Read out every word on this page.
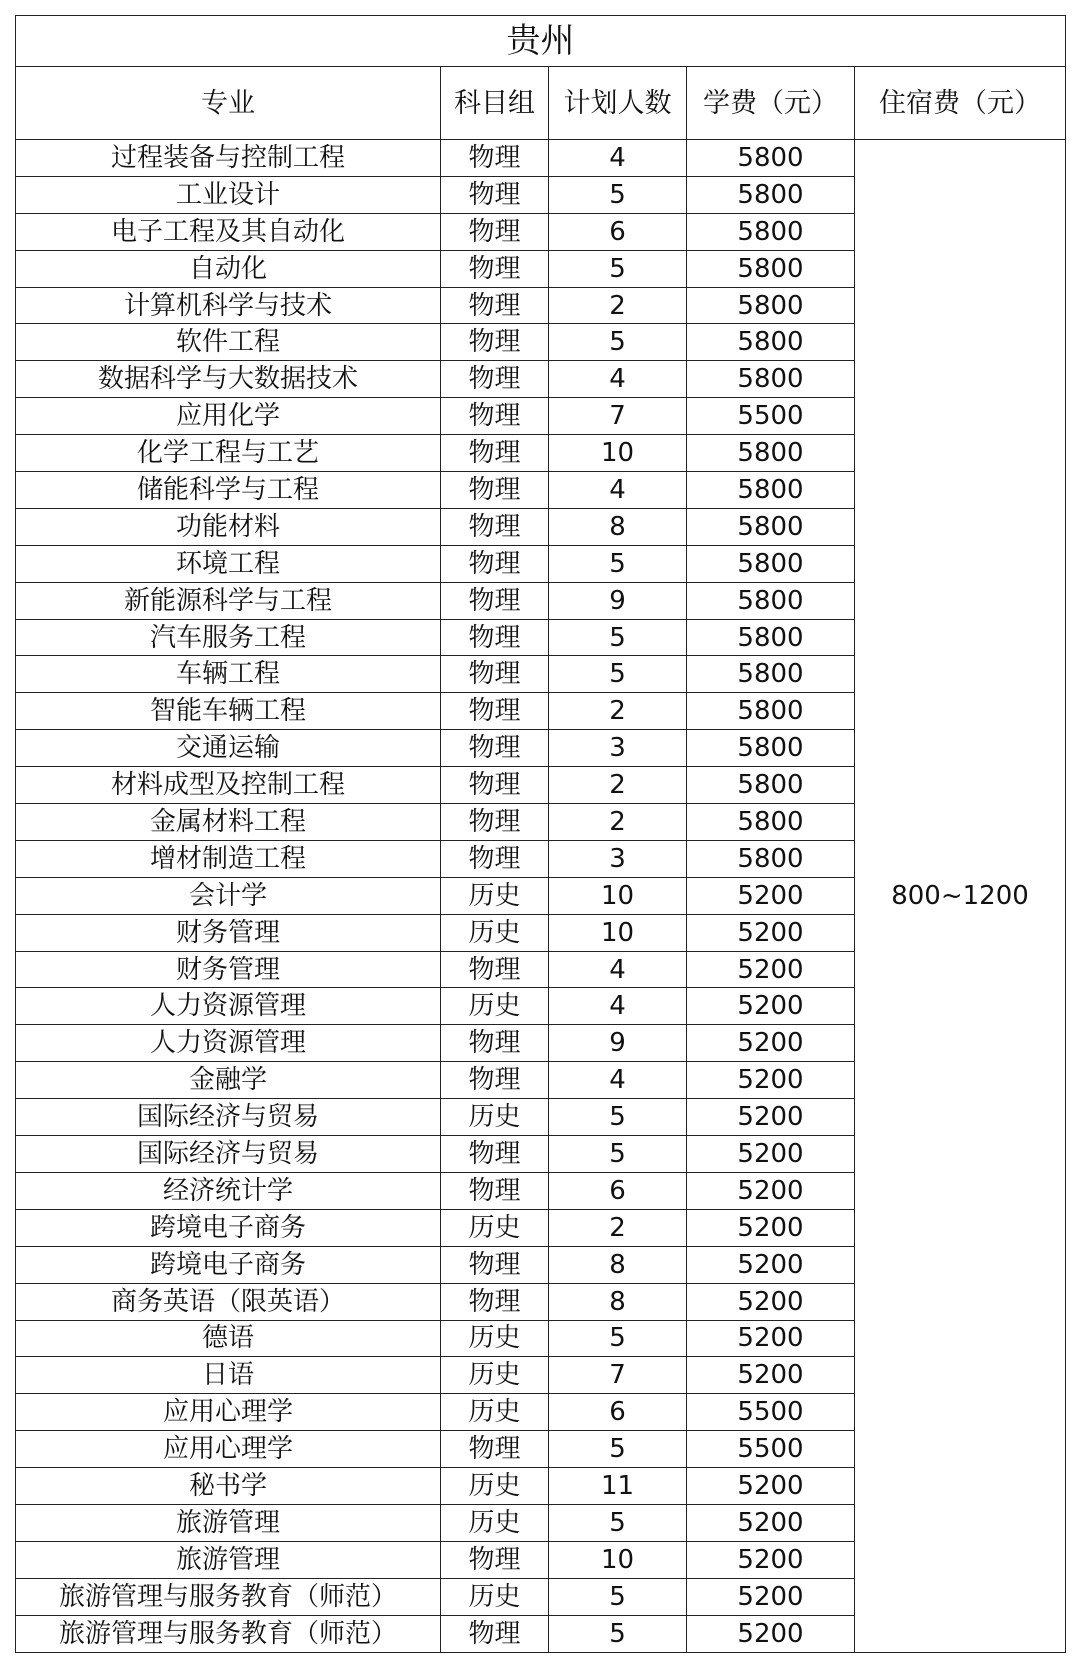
贵州				
专业	科目组	计划人数	学费（元）	住宿费（元）
过程装备与控制工程	物理	4	5800	800~1200
工业设计	物理	5	5800	
电子工程及其自动化	物理	6	5800	
自动化	物理	5	5800	
计算机科学与技术	物理	2	5800	
软件工程	物理	5	5800	
数据科学与大数据技术	物理	4	5800	
应用化学	物理	7	5500	
化学工程与工艺	物理	10	5800	
储能科学与工程	物理	4	5800	
功能材料	物理	8	5800	
环境工程	物理	5	5800	
新能源科学与工程	物理	9	5800	
汽车服务工程	物理	5	5800	
车辆工程	物理	5	5800	
智能车辆工程	物理	2	5800	
交通运输	物理	3	5800	
材料成型及控制工程	物理	2	5800	
金属材料工程	物理	2	5800	
增材制造工程	物理	3	5800	
会计学	历史	10	5200	
财务管理	历史	10	5200	
财务管理	物理	4	5200	
人力资源管理	历史	4	5200	
人力资源管理	物理	9	5200	
金融学	物理	4	5200	
国际经济与贸易	历史	5	5200	
国际经济与贸易	物理	5	5200	
经济统计学	物理	6	5200	
跨境电子商务	历史	2	5200	
跨境电子商务	物理	8	5200	
商务英语（限英语）	物理	8	5200	
德语	历史	5	5200	
日语	历史	7	5200	
应用心理学	历史	6	5500	
应用心理学	物理	5	5500	
秘书学	历史	11	5200	
旅游管理	历史	5	5200	
旅游管理	物理	10	5200	
旅游管理与服务教育（师范）	历史	5	5200	
旅游管理与服务教育（师范）	物理	5	5200	
